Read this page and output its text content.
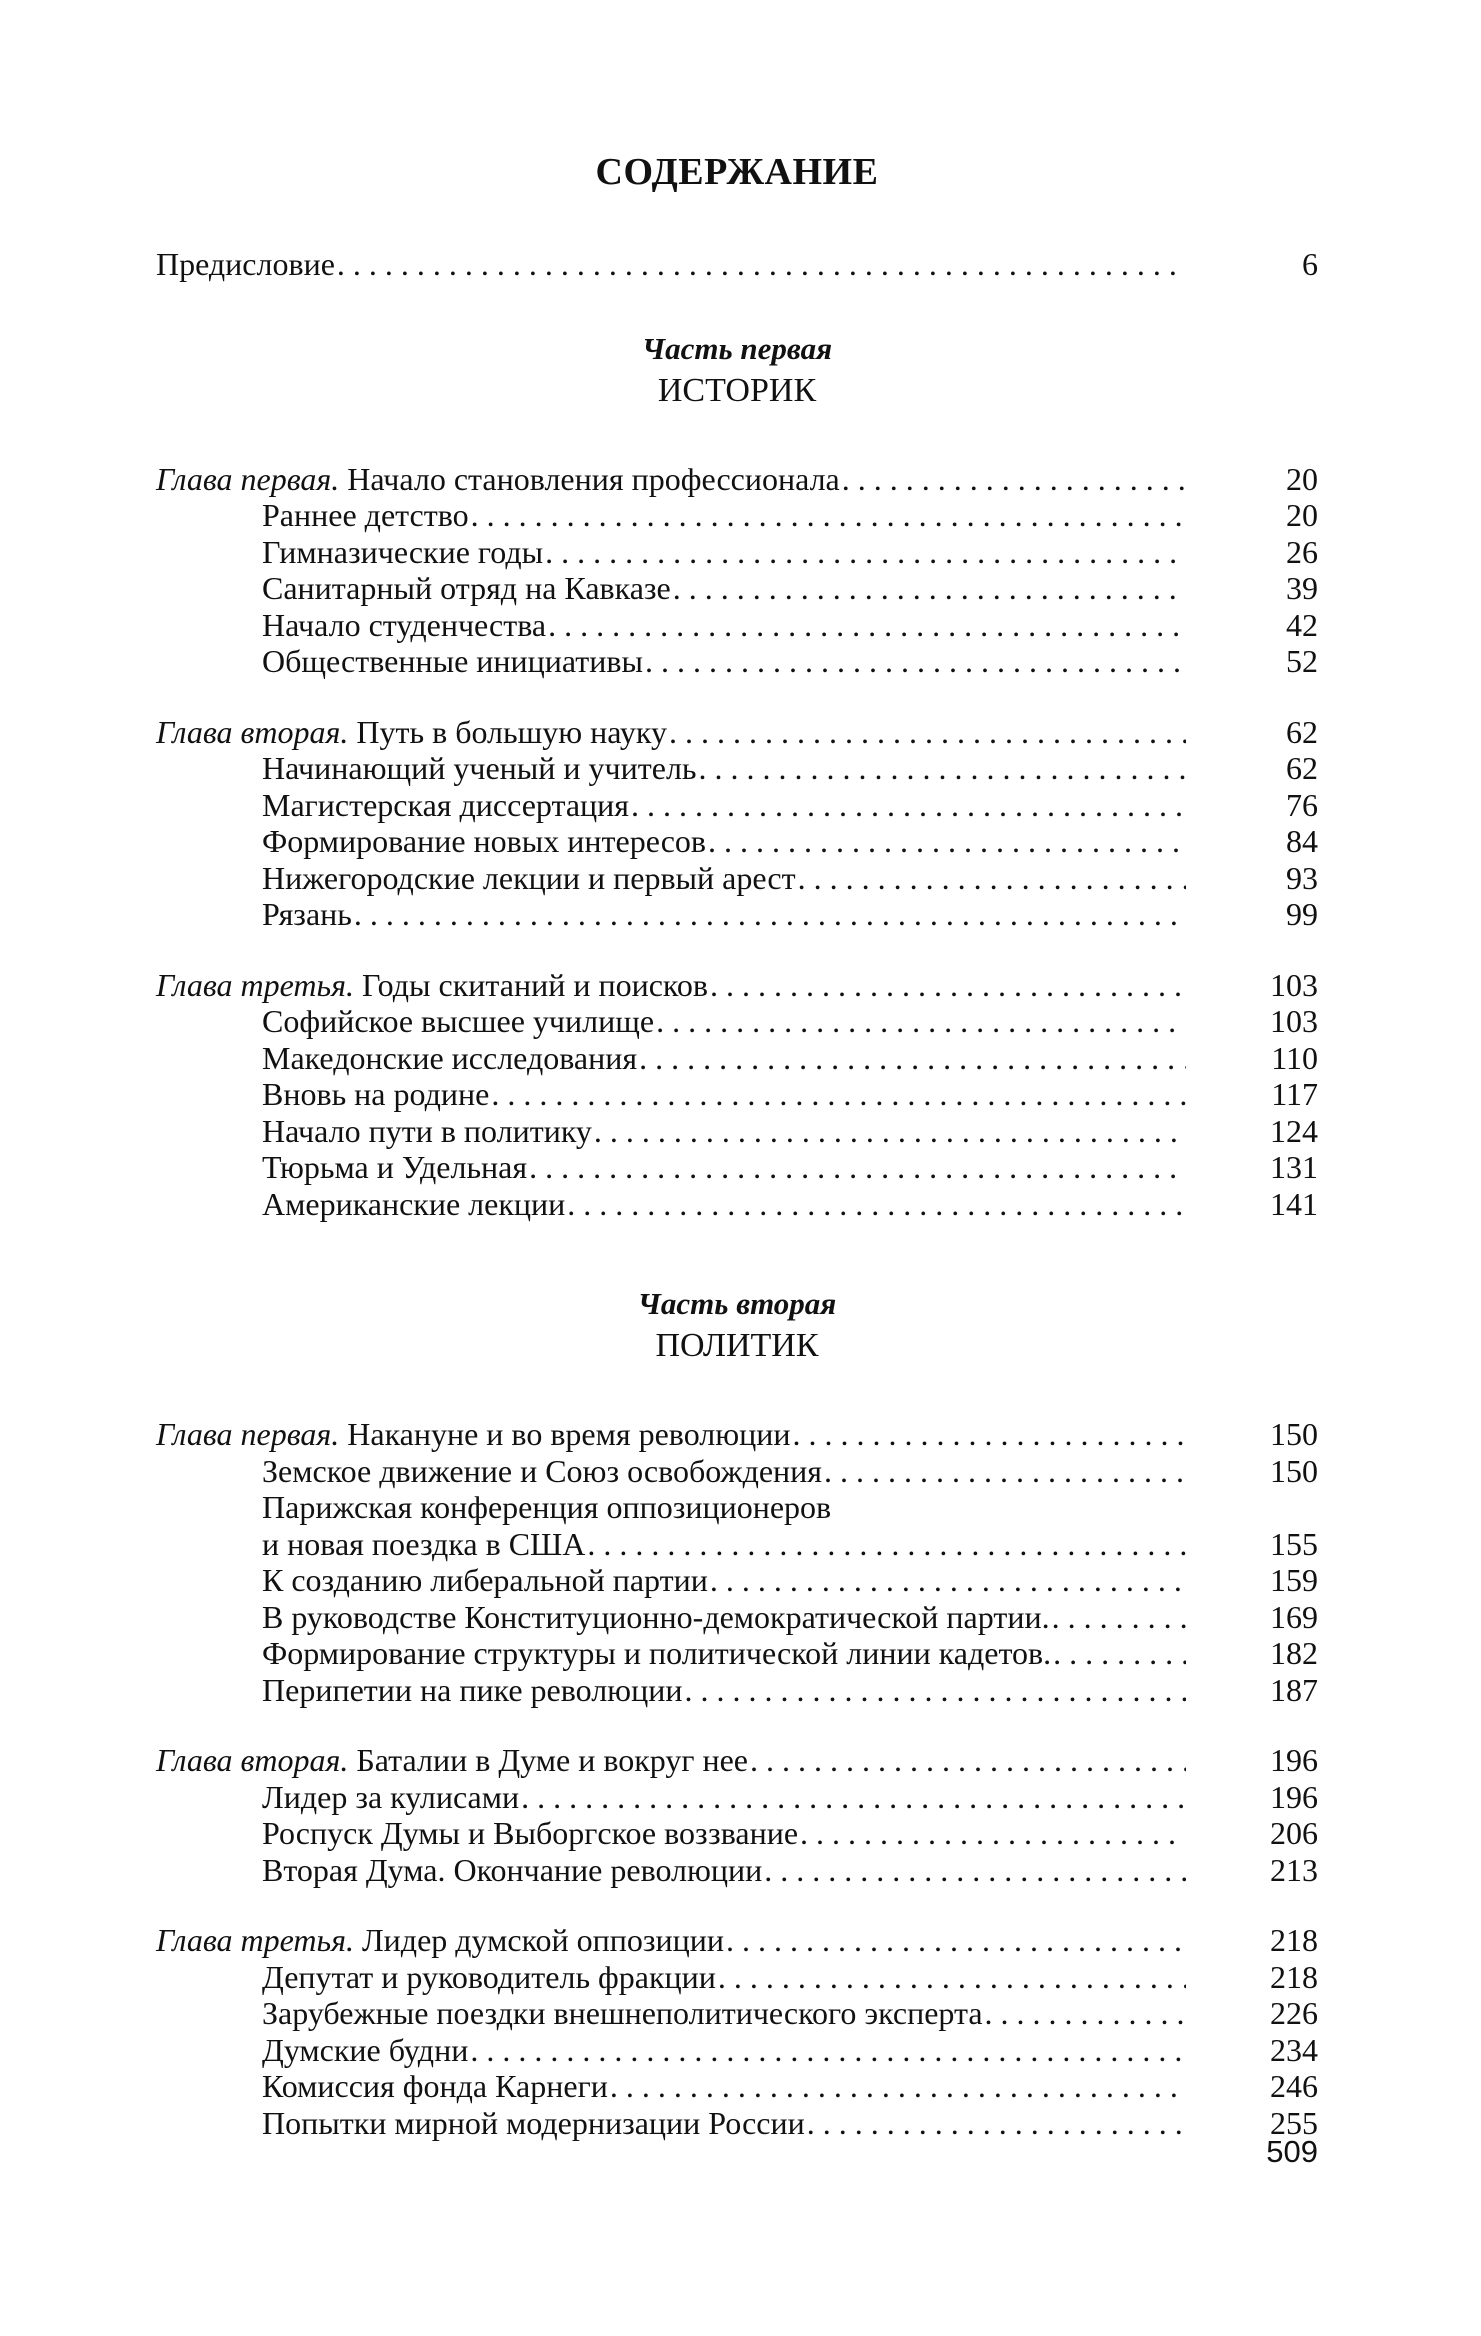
СОДЕРЖАНИЕ
Предисловие . . .	6
Часть первая
ИСТОРИК
Глава первая. Начало становления профессионала . . .	20
Раннее детство . . .	20
Гимназические годы . . .	26
Санитарный отряд на Кавказе . . .	39
Начало студенчества . . .	42
Общественные инициативы . . .	52
Глава вторая. Путь в большую науку . . .	62
Начинающий ученый и учитель . . .	62
Магистерская диссертация . . .	76
Формирование новых интересов . . .	84
Нижегородские лекции и первый арест . . .	93
Рязань . . .	99
Глава третья. Годы скитаний и поисков . . .	103
Софийское высшее училище . . .	103
Македонские исследования . . .	110
Вновь на родине . . .	117
Начало пути в политику . . .	124
Тюрьма и Удельная . . .	131
Американские лекции . . .	141
Часть вторая
ПОЛИТИК
Глава первая. Накануне и во время революции . . .	150
Земское движение и Союз освобождения . . .	150
Парижская конференция оппозиционеров
и новая поездка в США . . .	155
К созданию либеральной партии . . .	159
В руководстве Конституционно-демократической партии. . . .	169
Формирование структуры и политической линии кадетов. . . .	182
Перипетии на пике революции . . .	187
Глава вторая. Баталии в Думе и вокруг нее . . .	196
Лидер за кулисами . . .	196
Роспуск Думы и Выборгское воззвание . . .	206
Вторая Дума. Окончание революции . . .	213
Глава третья. Лидер думской оппозиции . . .	218
Депутат и руководитель фракции . . .	218
Зарубежные поездки внешнеполитического эксперта . . .	226
Думские будни . . .	234
Комиссия фонда Карнеги . . .	246
Попытки мирной модернизации России . . .	255
509
